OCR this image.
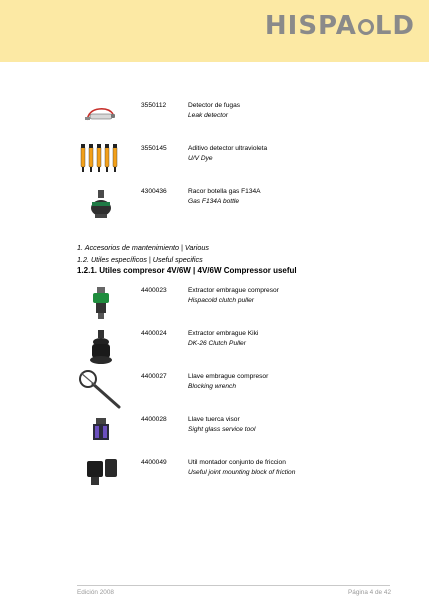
HISPA LD
3550112	Detector de fugas
Leak detector
3550145	Aditivo detector ultravioleta
U/V Dye
4300436	Racor botella gas F134A
Gas F134A bottle
1. Accesorios de mantenimiento | Various
1.2. Utiles específicos | Useful specifics
1.2.1. Utiles compresor 4V/6W | 4V/6W Compressor useful
4400023	Extractor embrague compresor
Hispacold clutch puller
4400024	Extractor embrague Kiki
DK-26 Clutch Puller
4400027	Llave embrague compresor
Blocking wrench
4400028	Llave tuerca visor
Sight glass service tool
4400049	Util montador conjunto de friccion
Useful joint mounting block of friction
Edición 2008	Página 4 de 42
